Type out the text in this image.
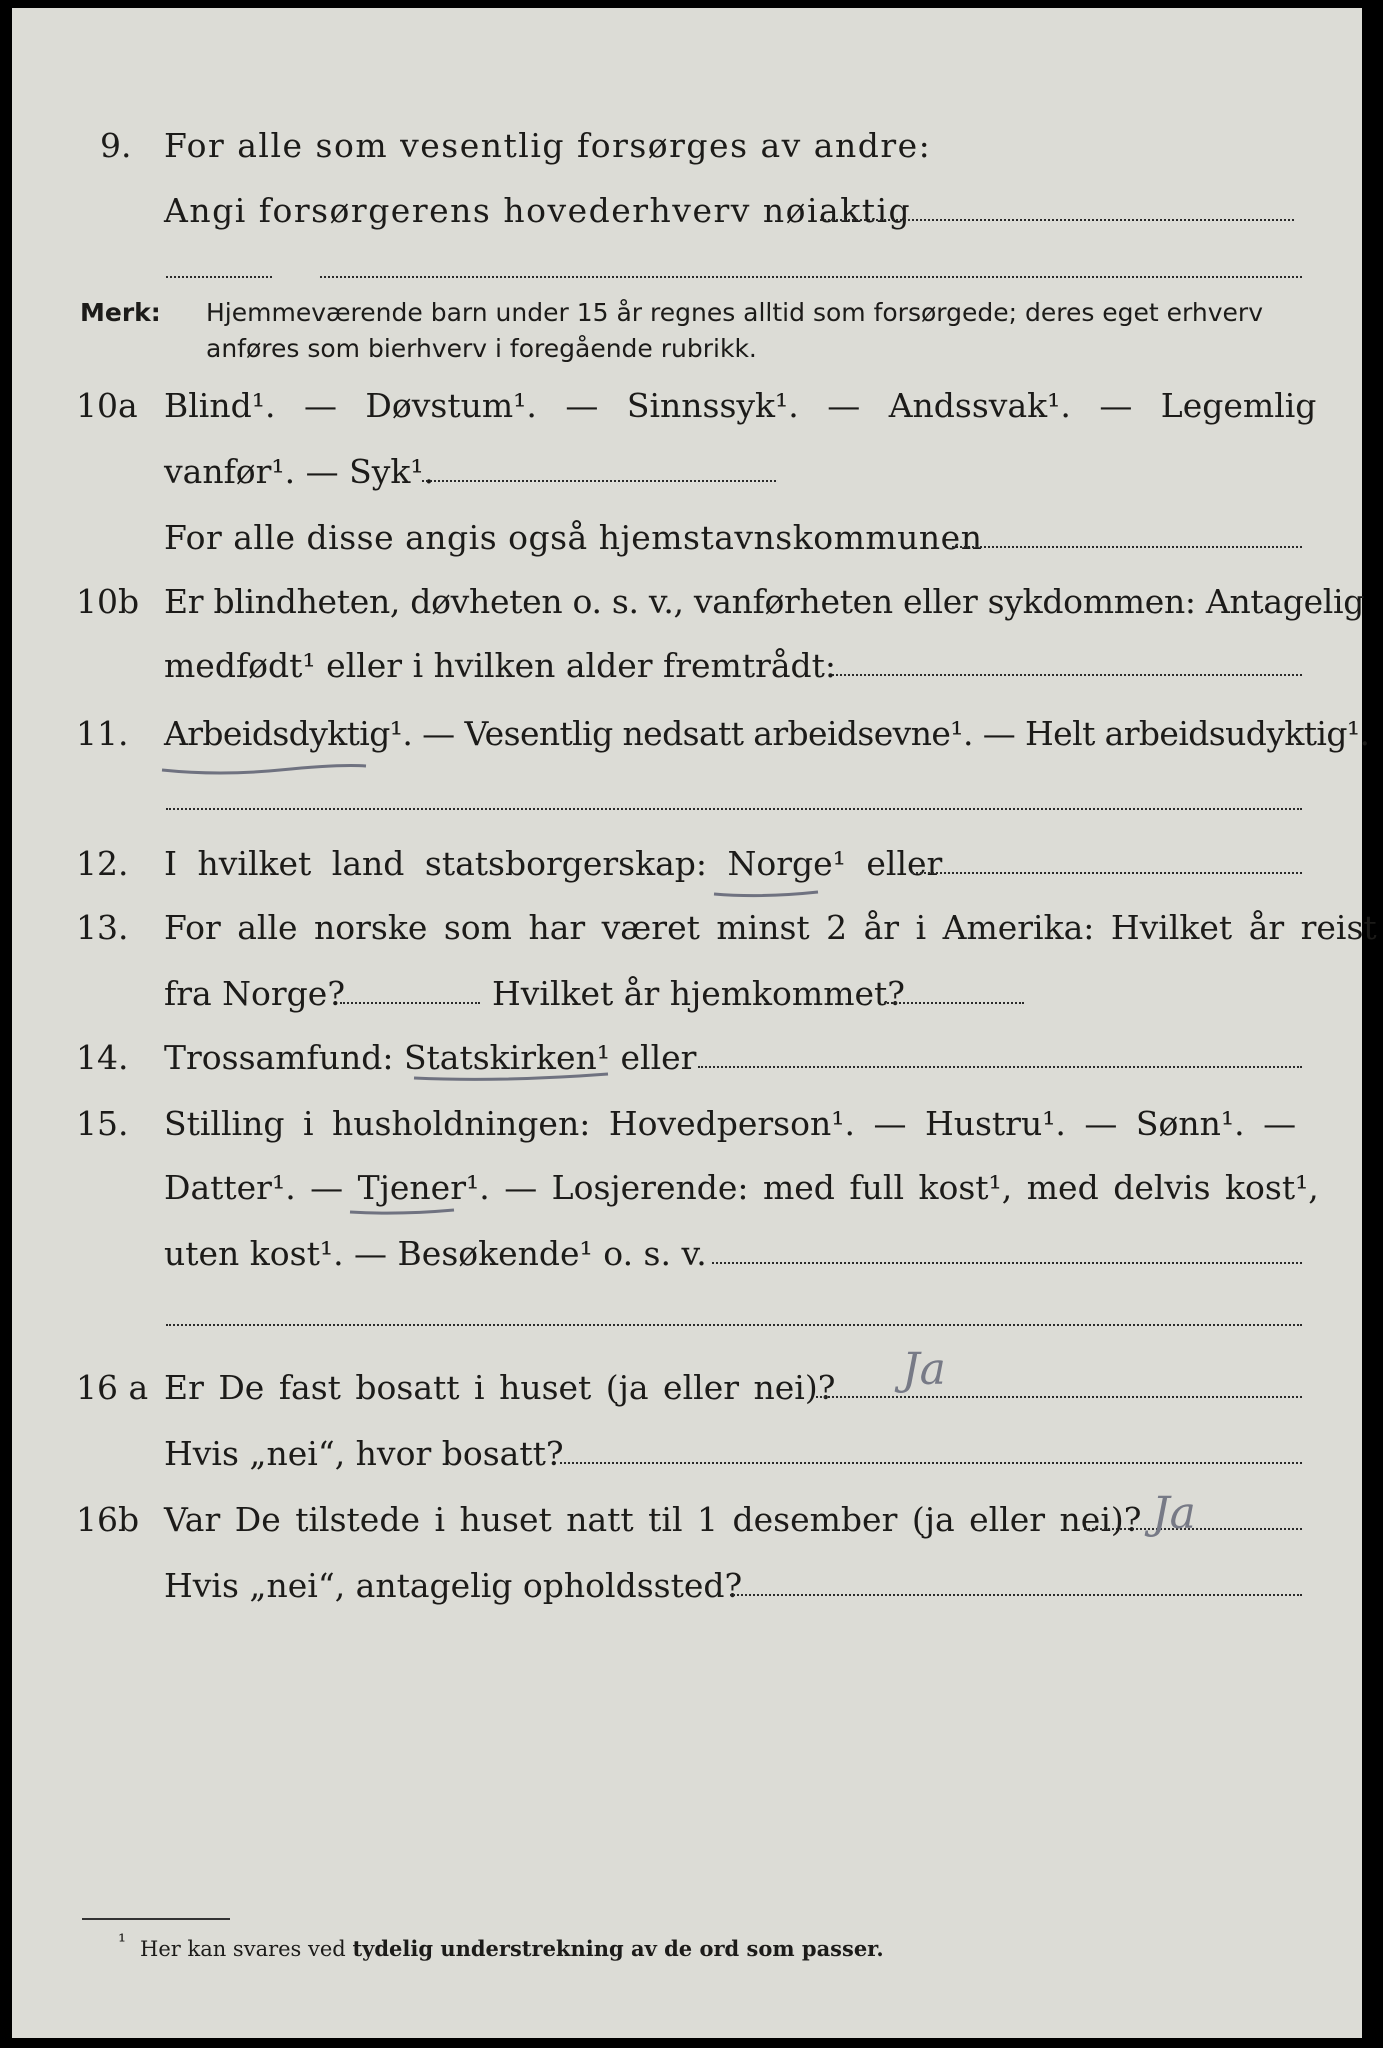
9. For alle som vesentlig forsørges av andre:
Angi forsørgerens hovederhverv nøiaktig
Merk: Hjemmeværende barn under 15 år regnes alltid som forsørgede; deres eget erhverv
anføres som bierhverv i foregående rubrikk.
10a Blind¹. — Døvstum¹. — Sinnssyk¹. — Andssvak¹. — Legemlig
vanfør¹. — Syk¹.
For alle disse angis også hjemstavnskommunen
10b Er blindheten, døvheten o. s. v., vanførheten eller sykdommen: Antagelig
medfødt¹ eller i hvilken alder fremtrådt:
11. Arbeidsdyktig¹. — Vesentlig nedsatt arbeidsevne¹. — Helt arbeidsudyktig¹.
12. I hvilket land statsborgerskap: Norge¹ eller
13. For alle norske som har været minst 2 år i Amerika: Hvilket år reist
fra Norge?	Hvilket år hjemkommet?
14. Trossamfund: Statskirken¹ eller
15. Stilling i husholdningen: Hovedperson¹. — Hustru¹. — Sønn¹. —
Datter¹. — Tjener¹. — Losjerende: med full kost¹, med delvis kost¹,
uten kost¹. — Besøkende¹ o. s. v.
16 a Er De fast bosatt i huset (ja eller nei)? Ja
Hvis „nei“, hvor bosatt?
16b Var De tilstede i huset natt til 1 desember (ja eller nei)? Ja
Hvis „nei“, antagelig opholdssted?
¹ Her kan svares ved tydelig understrekning av de ord som passer.
